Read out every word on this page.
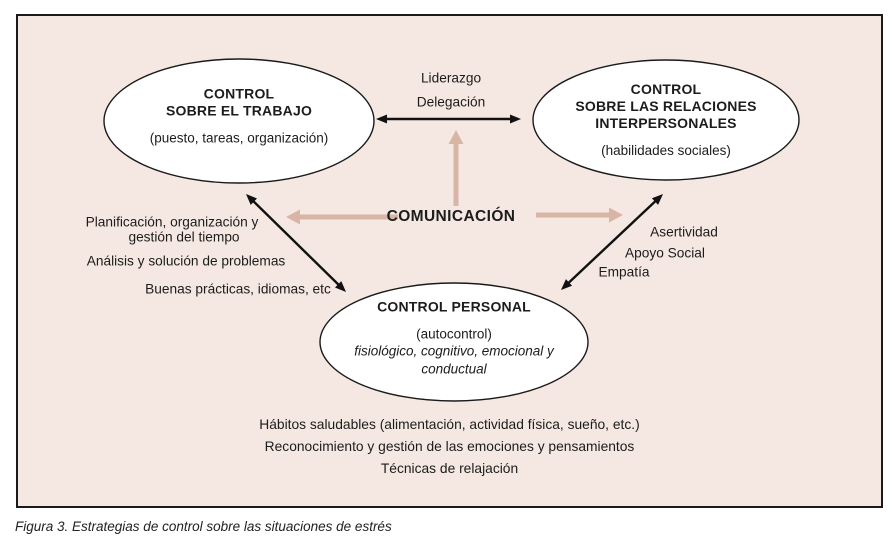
CONTROL
SOBRE EL TRABAJO
(puesto, tareas, organización)
CONTROL
SOBRE LAS RELACIONES
INTERPERSONALES
(habilidades sociales)
CONTROL PERSONAL
(autocontrol)
fisiológico, cognitivo, emocional y
conductual
Liderazgo
Delegación
COMUNICACIÓN
Planificación, organización y
gestión del tiempo
Análisis y solución de problemas
Buenas prácticas, idiomas, etc
Asertividad
Apoyo Social
Empatía
Hábitos saludables (alimentación, actividad física, sueño, etc.)
Reconocimiento y gestión de las emociones y pensamientos
Técnicas de relajación
Figura 3. Estrategias de control sobre las situaciones de estrés
